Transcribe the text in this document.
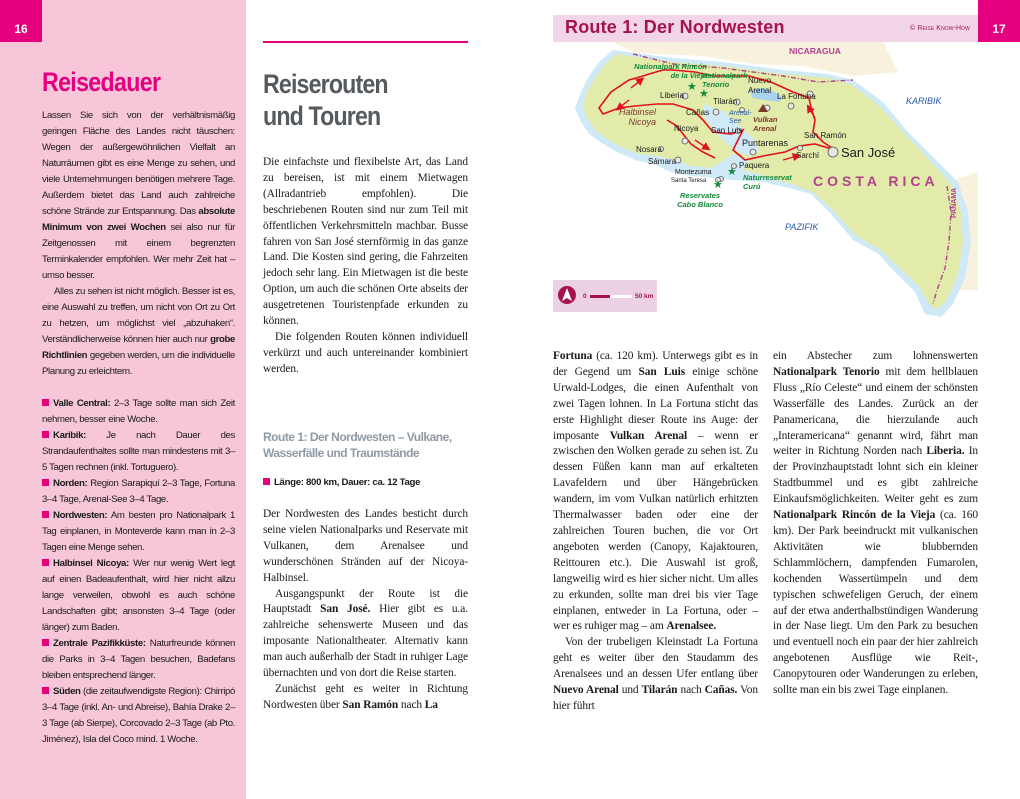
16
Reisedauer

Lassen Sie sich von der verhältnismäßig geringen Fläche des Landes nicht täuschen: Wegen der außergewöhnlichen Vielfalt an Naturräumen gibt es eine Menge zu sehen, und viele Unternehmungen benötigen mehrere Tage. Außerdem bietet das Land auch zahlreiche schöne Strände zur Entspannung. Das absolute Minimum von zwei Wochen sei also nur für Zeitgenossen mit einem begrenzten Terminkalender empfohlen. Wer mehr Zeit hat – umso besser.

Alles zu sehen ist nicht möglich. Besser ist es, eine Auswahl zu treffen, um nicht von Ort zu Ort zu hetzen, um möglichst viel „abzuhaken“. Verständlicherweise können hier auch nur grobe Richtlinien gegeben werden, um die individuelle Planung zu erleichtern.

Valle Central: 2–3 Tage sollte man sich Zeit nehmen, besser eine Woche.

Karibik: Je nach Dauer des Strandaufenthaltes sollte man mindestens mit 3–5 Tagen rechnen (inkl. Tortuguero).

Norden: Region Sarapiquí 2–3 Tage, Fortuna 3–4 Tage, Arenal-See 3–4 Tage.

Nordwesten: Am besten pro Nationalpark 1 Tag einplanen, in Monteverde kann man in 2–3 Tagen eine Menge sehen.

Halbinsel Nicoya: Wer nur wenig Wert legt auf einen Badeaufenthalt, wird hier nicht allzu lange verweilen, obwohl es auch schöne Landschaften gibt; ansonsten 3–4 Tage (oder länger) zum Baden.

Zentrale Pazifikküste: Naturfreunde können die Parks in 3–4 Tagen besuchen, Badefans bleiben entsprechend länger.

Süden (die zeitaufwendigste Region): Chirripó 3–4 Tage (inkl. An- und Abreise), Bahía Drake 2–3 Tage (ab Sierpe), Corcovado 2–3 Tage (ab Pto. Jiménez), Isla del Coco mind. 1 Woche.

Reiserouten
und Touren

Die einfachste und flexibelste Art, das Land zu bereisen, ist mit einem Mietwagen (Allradantrieb empfohlen). Die beschriebenen Routen sind nur zum Teil mit öffentlichen Verkehrsmitteln machbar. Busse fahren von San José sternförmig in das ganze Land. Die Kosten sind gering, die Fahrzeiten jedoch sehr lang. Ein Mietwagen ist die beste Option, um auch die schönen Orte abseits der ausgetretenen Touristenpfade erkunden zu können.

Die folgenden Routen können individuell verkürzt und auch untereinander kombiniert werden.

Route 1: Der Nordwesten – Vulkane, Wasserfälle und Traumstände
Länge: 800 km, Dauer: ca. 12 Tage

Der Nordwesten des Landes besticht durch seine vielen Nationalparks und Reservate mit Vulkanen, dem Arenalsee und wunderschönen Stränden auf der Nicoya-Halbinsel.

Ausgangspunkt der Route ist die Hauptstadt San José. Hier gibt es u.a. zahlreiche sehenswerte Museen und das imposante Nationaltheater. Alternativ kann man auch außerhalb der Stadt in ruhiger Lage übernachten und von dort die Reise starten.

Zunächst geht es weiter in Richtung Nordwesten über San Ramón nach La

Route 1: Der Nordwesten	© Reise Know-How 17
★
★
★
★
NICARAGUA
KARIBIK
PAZIFIK
COSTA RICA
PANAMA
Halbinsel Nicoya
Nationalpark Rincón de la Vieja
Nationalpark Tenorio
Arenal-See	Vulkan Arenal
Naturreservat Curú
Reservates Cabo Blanco
Liberia
Tilarán
Nuevo Arenal
La Fortuna
Cañas
San Luis
Nicoya
Nosara
Sámara
Puntarenas
San Ramón
Sarchí San José
Paquera
Montezuma
Santa Teresa
0	50 km

Fortuna (ca. 120 km). Unterwegs gibt es in der Gegend um San Luis einige schöne Urwald-Lodges, die einen Aufenthalt von zwei Tagen lohnen. In La Fortuna sticht das erste Highlight dieser Route ins Auge: der imposante Vulkan Arenal – wenn er zwischen den Wolken gerade zu sehen ist. Zu dessen Füßen kann man auf erkalteten Lavafeldern und über Hängebrücken wandern, im vom Vulkan natürlich erhitzten Thermalwasser baden oder eine der zahlreichen Touren buchen, die vor Ort angeboten werden (Canopy, Kajaktouren, Reittouren etc.). Die Auswahl ist groß, langweilig wird es hier sicher nicht. Um alles zu erkunden, sollte man drei bis vier Tage einplanen, entweder in La Fortuna, oder – wer es ruhiger mag – am Arenalsee.

Von der trubeligen Kleinstadt La Fortuna geht es weiter über den Staudamm des Arenalsees und an dessen Ufer entlang über Nuevo Arenal und Tilarán nach Cañas. Von hier führt

ein Abstecher zum lohnenswerten Nationalpark Tenorio mit dem hellblauen Fluss „Río Celeste“ und einem der schönsten Wasserfälle des Landes. Zurück an der Panamericana, die hierzulande auch „Interamericana“ genannt wird, fährt man weiter in Richtung Norden nach Liberia. In der Provinzhauptstadt lohnt sich ein kleiner Stadtbummel und es gibt zahlreiche Einkaufsmöglichkeiten. Weiter geht es zum Nationalpark Rincón de la Vieja (ca. 160 km). Der Park beeindruckt mit vulkanischen Aktivitäten wie blubbernden Schlammlöchern, dampfenden Fumarolen, kochenden Wassertümpeln und dem typischen schwefeligen Geruch, der einem auf der etwa anderthalbstündigen Wanderung in der Nase liegt. Um den Park zu besuchen und eventuell noch ein paar der hier zahlreich angebotenen Ausflüge wie Reit-, Canopytouren oder Wanderungen zu erleben, sollte man ein bis zwei Tage einplanen.
